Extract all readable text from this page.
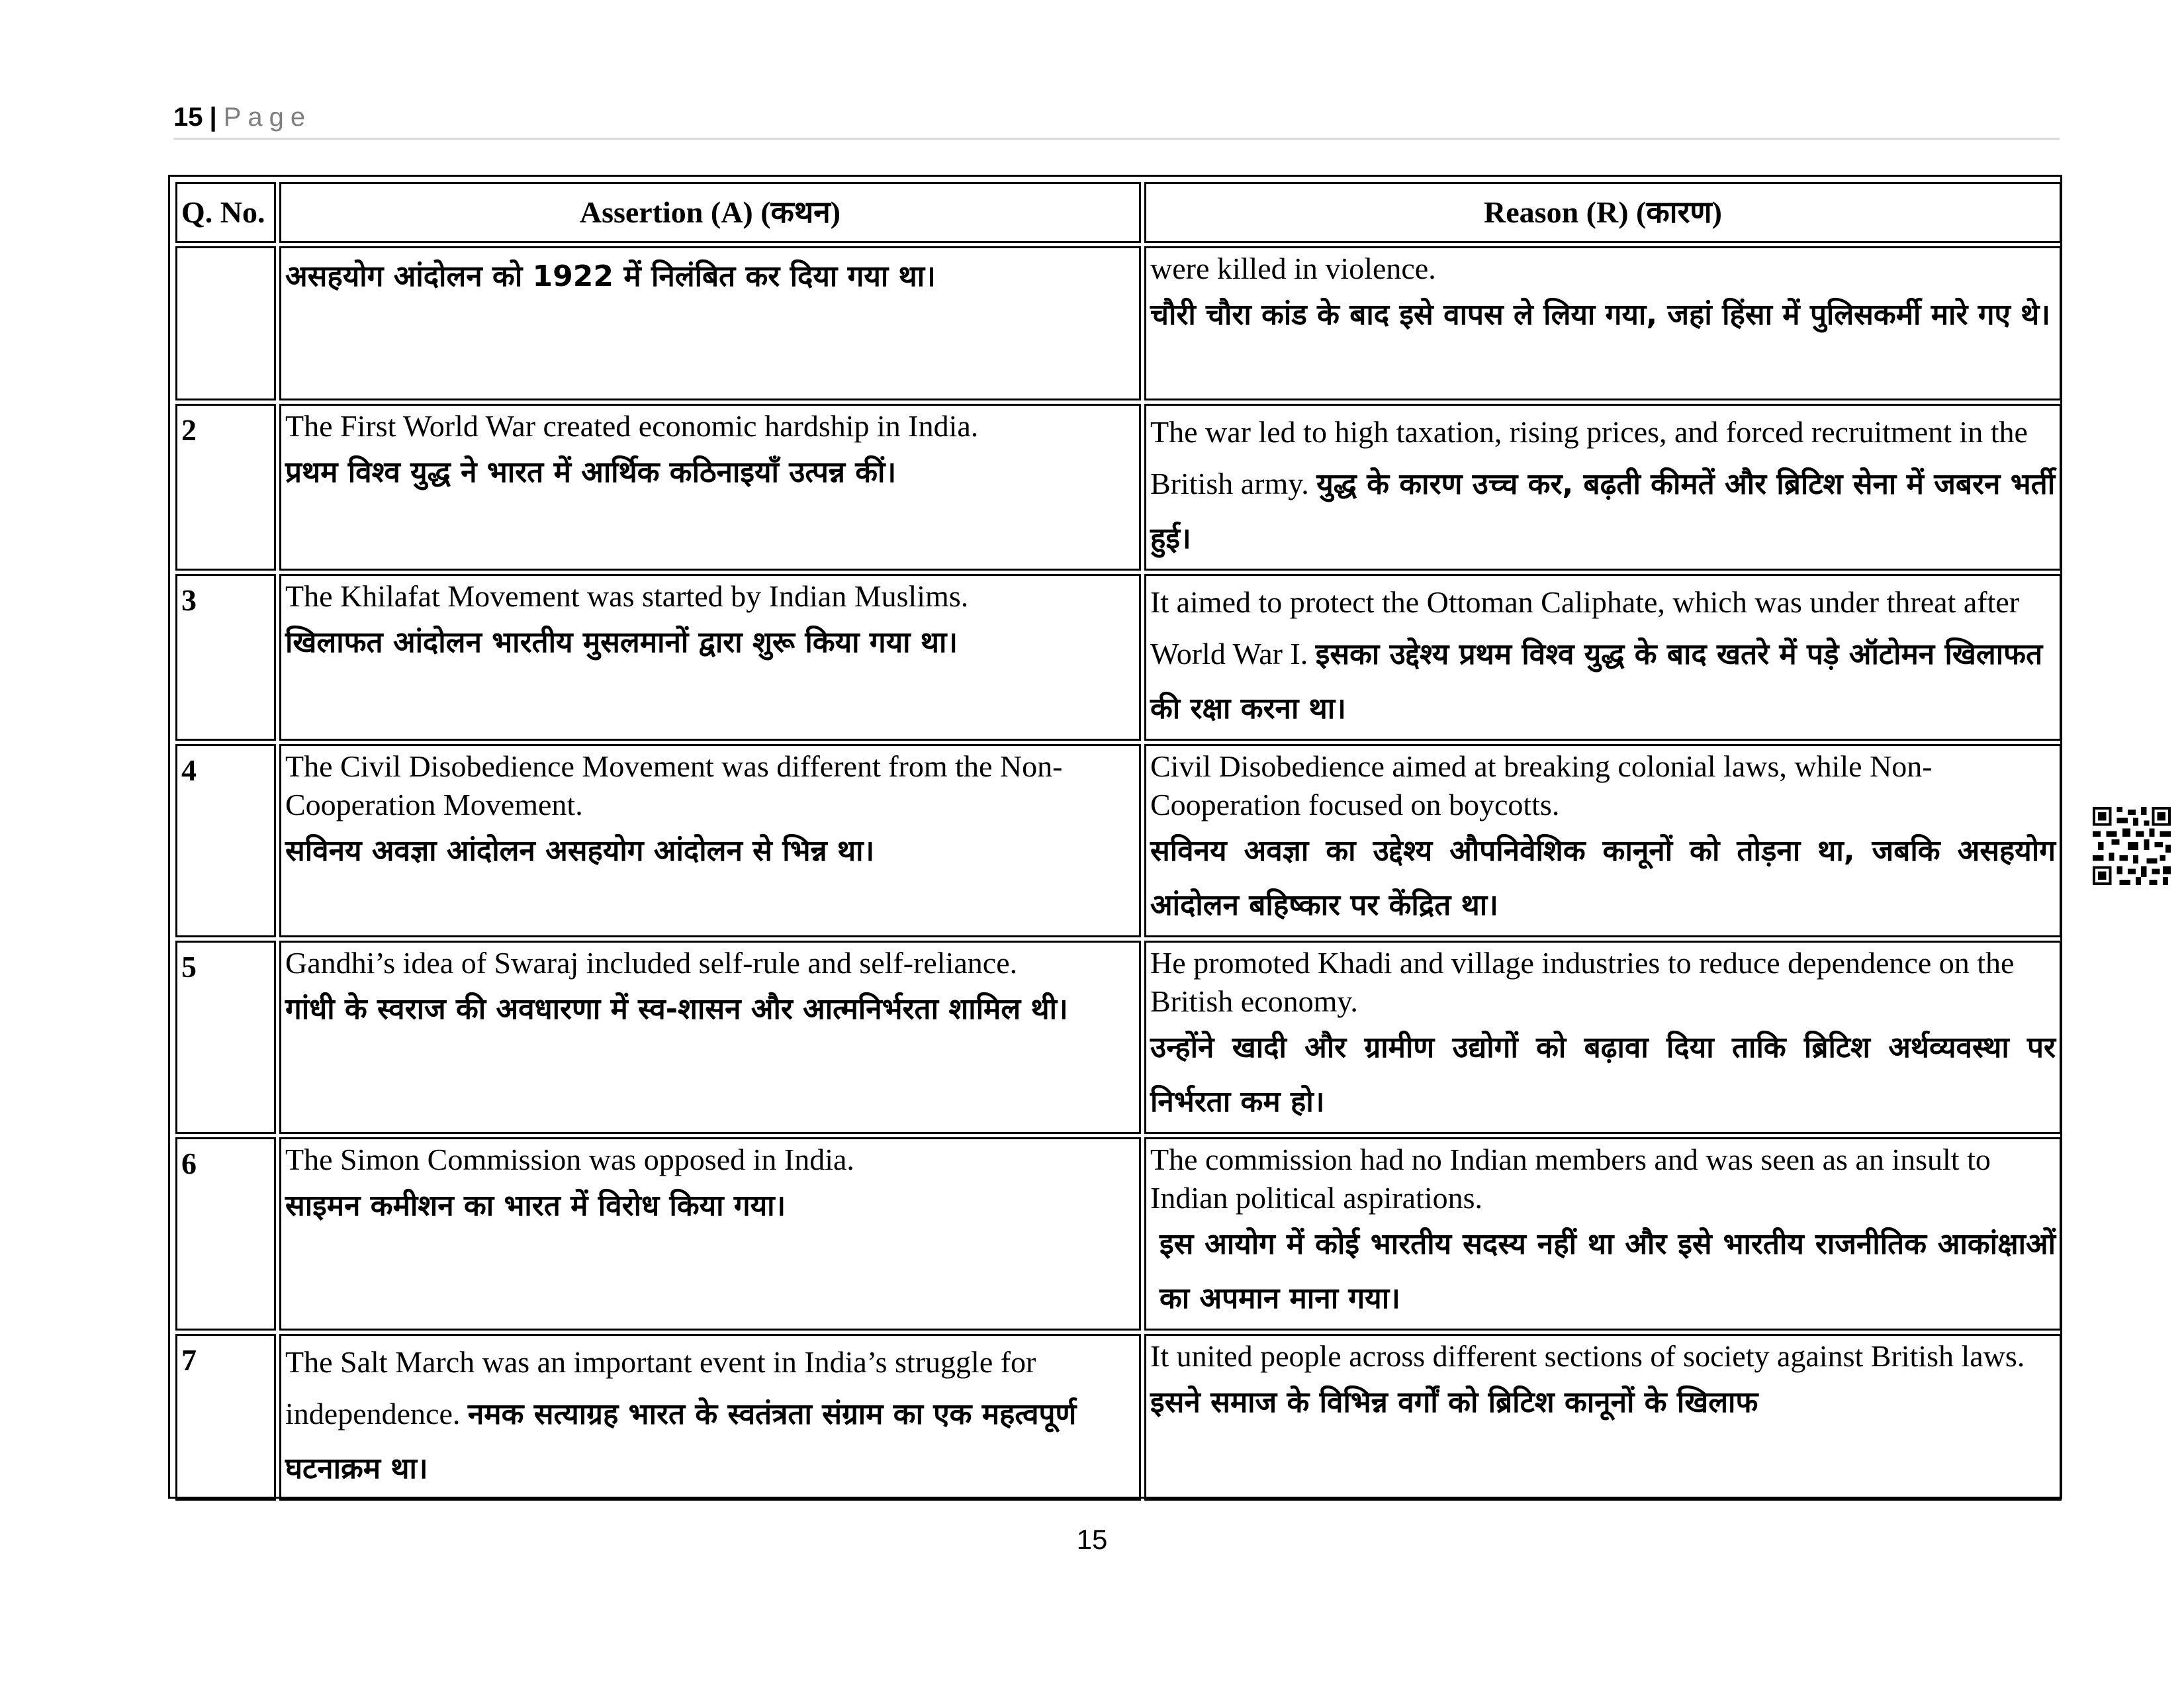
15 | Page
Q. No.	Assertion (A) (कथन)	Reason (R) (कारण)

	असहयोग आंदोलन को 1922 में निलंबित कर दिया गया था।	were killed in violence.
चौरी चौरा कांड के बाद इसे वापस ले लिया गया, जहां हिंसा में पुलिसकर्मी मारे गए थे।

2	The First World War created economic hardship in India.
प्रथम विश्व युद्ध ने भारत में आर्थिक कठिनाइयाँ उत्पन्न कीं।	The war led to high taxation, rising prices, and forced recruitment in the British army. युद्ध के कारण उच्च कर, बढ़ती कीमतें और ब्रिटिश सेना में जबरन भर्ती हुई।
3	The Khilafat Movement was started by Indian Muslims.
खिलाफत आंदोलन भारतीय मुसलमानों द्वारा शुरू किया गया था।	It aimed to protect the Ottoman Caliphate, which was under threat after World War I. इसका उद्देश्य प्रथम विश्व युद्ध के बाद खतरे में पड़े ऑटोमन खिलाफत की रक्षा करना था।
4	The Civil Disobedience Movement was different from the Non-Cooperation Movement.
सविनय अवज्ञा आंदोलन असहयोग आंदोलन से भिन्न था।	Civil Disobedience aimed at breaking colonial laws, while Non-Cooperation focused on boycotts.
सविनय अवज्ञा का उद्देश्य औपनिवेशिक कानूनों को तोड़ना था, जबकि असहयोग आंदोलन बहिष्कार पर केंद्रित था।

5	Gandhi’s idea of Swaraj included self-rule and self-reliance.
गांधी के स्वराज की अवधारणा में स्व-शासन और आत्मनिर्भरता शामिल थी।	He promoted Khadi and village industries to reduce dependence on the British economy.
उन्होंने खादी और ग्रामीण उद्योगों को बढ़ावा दिया ताकि ब्रिटिश अर्थव्यवस्था पर निर्भरता कम हो।

6	The Simon Commission was opposed in India.
साइमन कमीशन का भारत में विरोध किया गया।	The commission had no Indian members and was seen as an insult to Indian political aspirations.
इस आयोग में कोई भारतीय सदस्य नहीं था और इसे भारतीय राजनीतिक आकांक्षाओं का अपमान माना गया।

7	The Salt March was an important event in India’s struggle for independence. नमक सत्याग्रह भारत के स्वतंत्रता संग्राम का एक महत्वपूर्ण घटनाक्रम था।	It united people across different sections of society against British laws.
इसने समाज के विभिन्न वर्गों को ब्रिटिश कानूनों के खिलाफ
15
